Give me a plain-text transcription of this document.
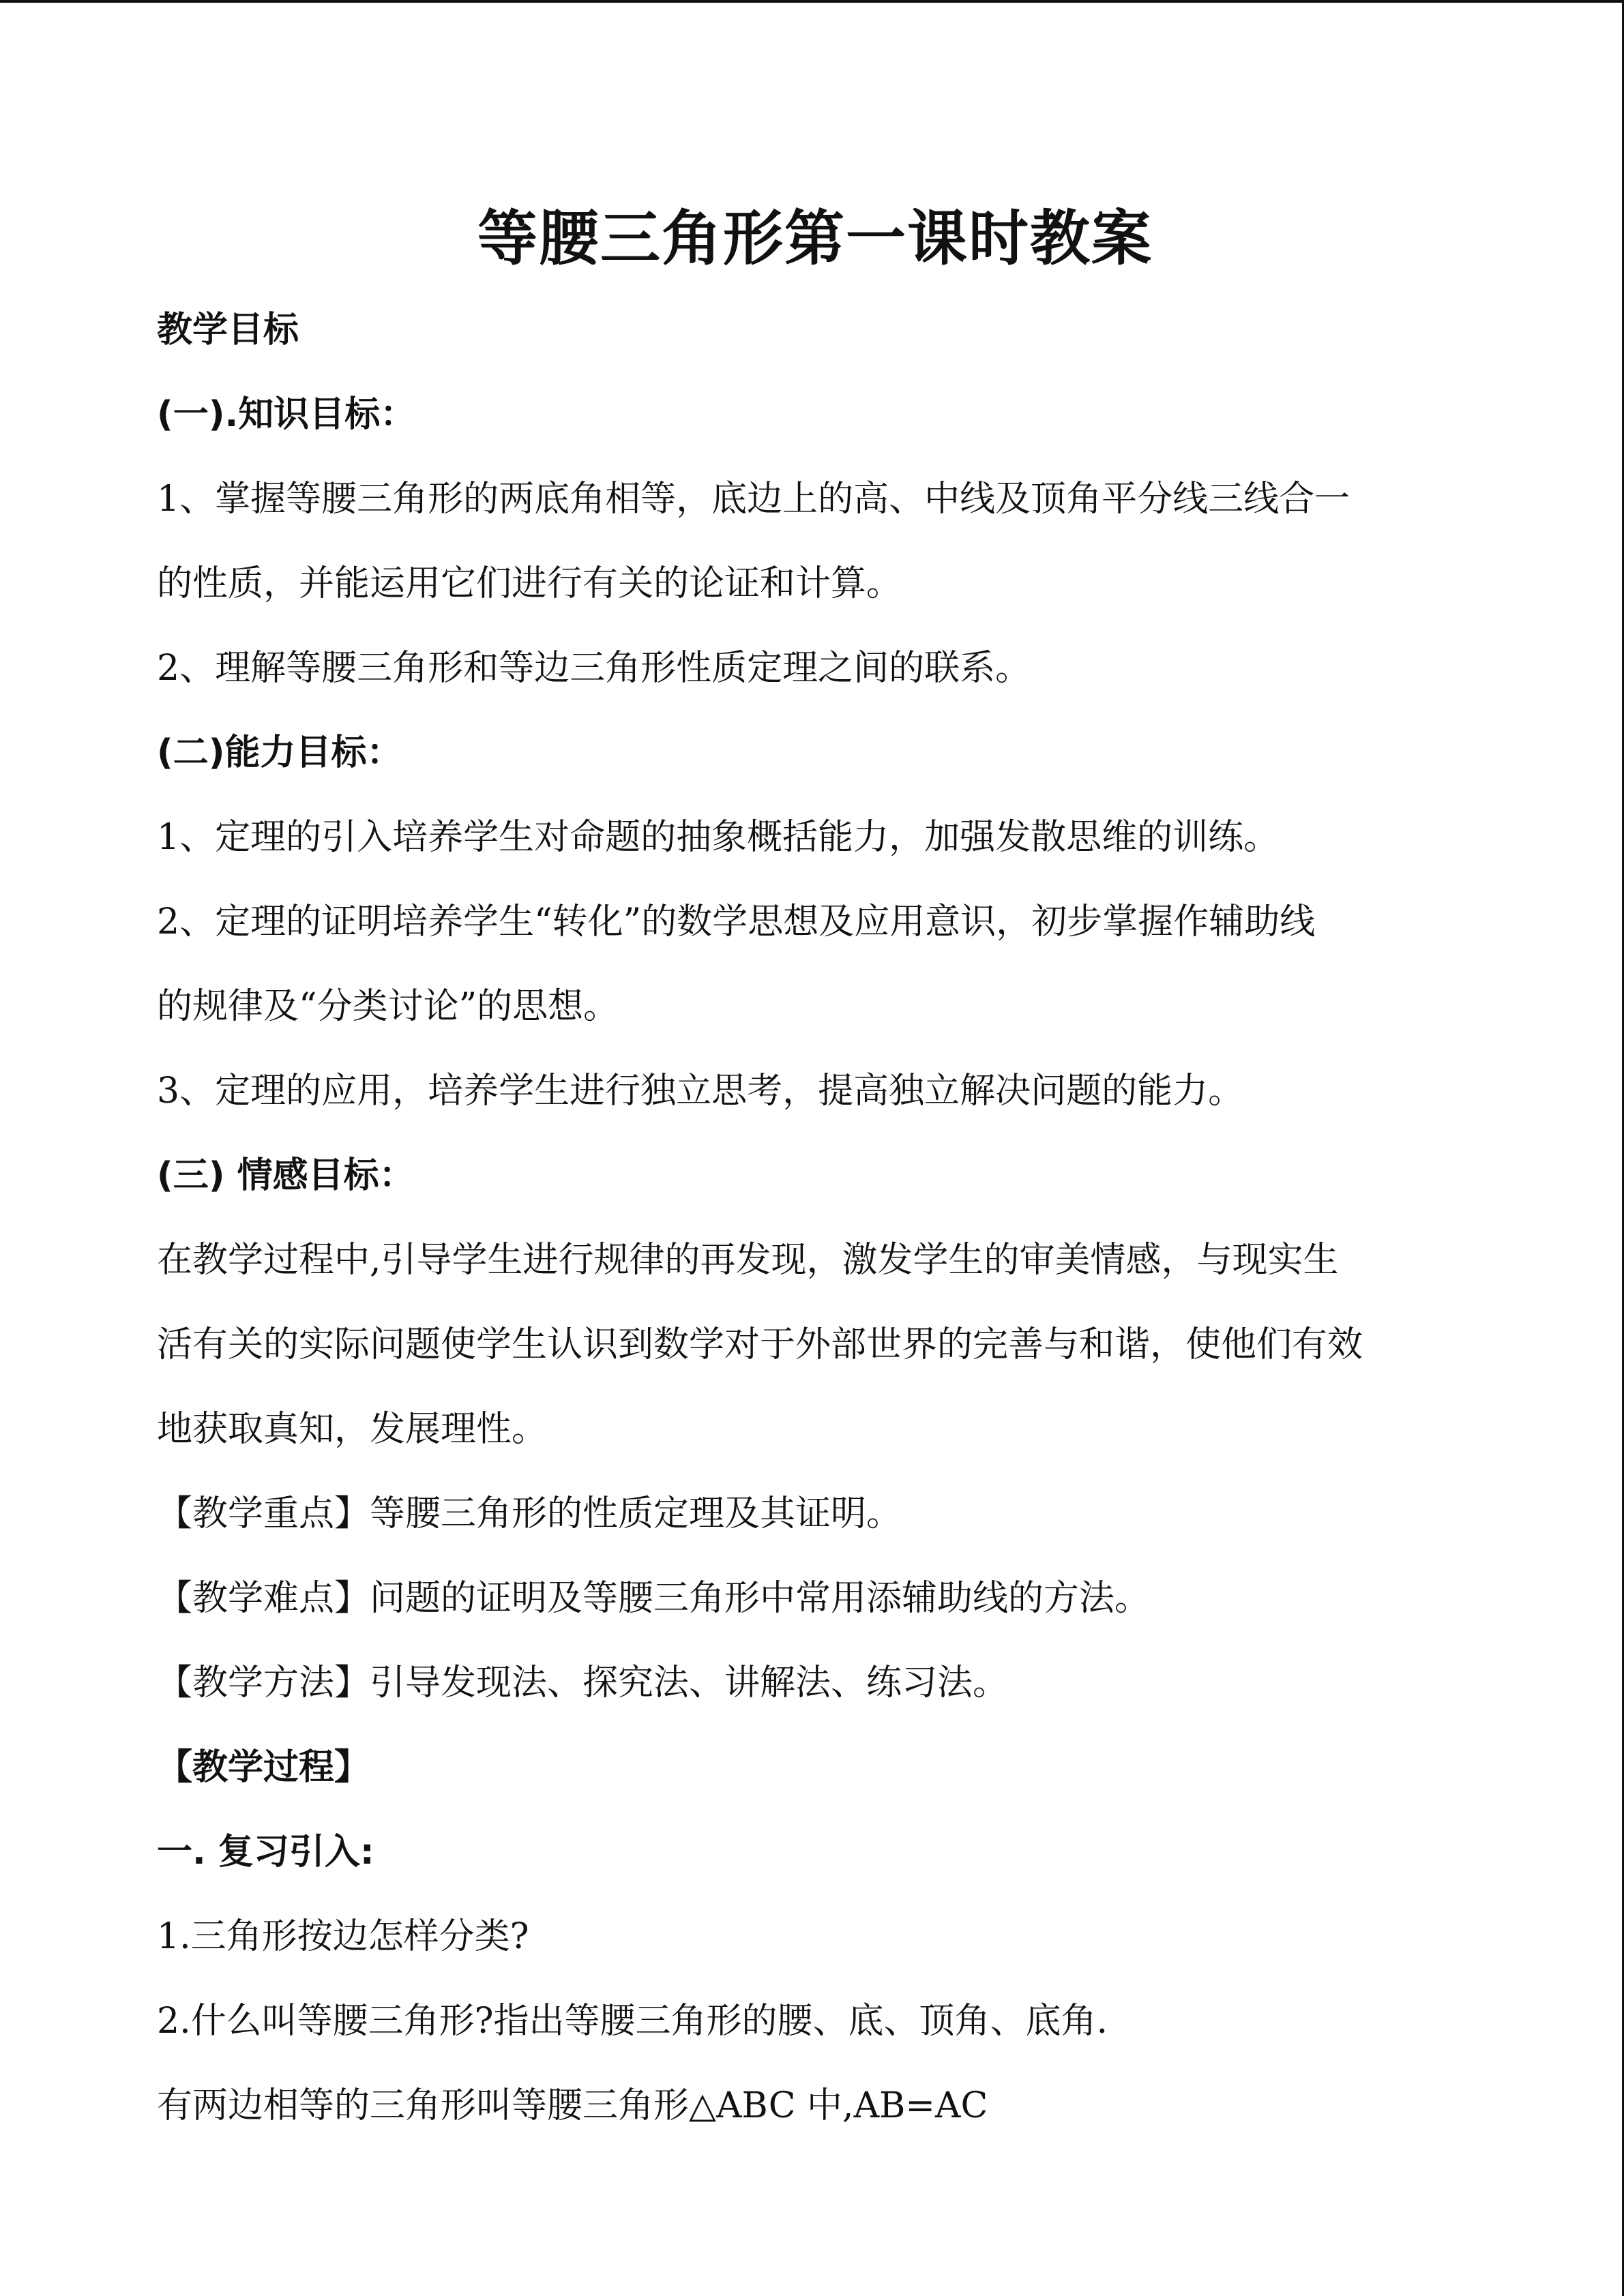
等腰三角形第一课时教案
教学目标
(一).知识目标：
1、掌握等腰三角形的两底角相等，底边上的高、中线及顶角平分线三线合一
的性质，并能运用它们进行有关的论证和计算。
2、理解等腰三角形和等边三角形性质定理之间的联系。
(二)能力目标：
1、定理的引入培养学生对命题的抽象概括能力，加强发散思维的训练。
2、定理的证明培养学生“转化”的数学思想及应用意识，初步掌握作辅助线
的规律及“分类讨论”的思想。
3、定理的应用，培养学生进行独立思考，提高独立解决问题的能力。
(三) 情感目标：
在教学过程中,引导学生进行规律的再发现，激发学生的审美情感，与现实生
活有关的实际问题使学生认识到数学对于外部世界的完善与和谐，使他们有效
地获取真知，发展理性。
【教学重点】等腰三角形的性质定理及其证明。
【教学难点】问题的证明及等腰三角形中常用添辅助线的方法。
【教学方法】引导发现法、探究法、讲解法、练习法。
【教学过程】
一. 复习引入:
1.三角形按边怎样分类?
2.什么叫等腰三角形?指出等腰三角形的腰、底、顶角、底角.
有两边相等的三角形叫等腰三角形△ABC 中,AB=AC
